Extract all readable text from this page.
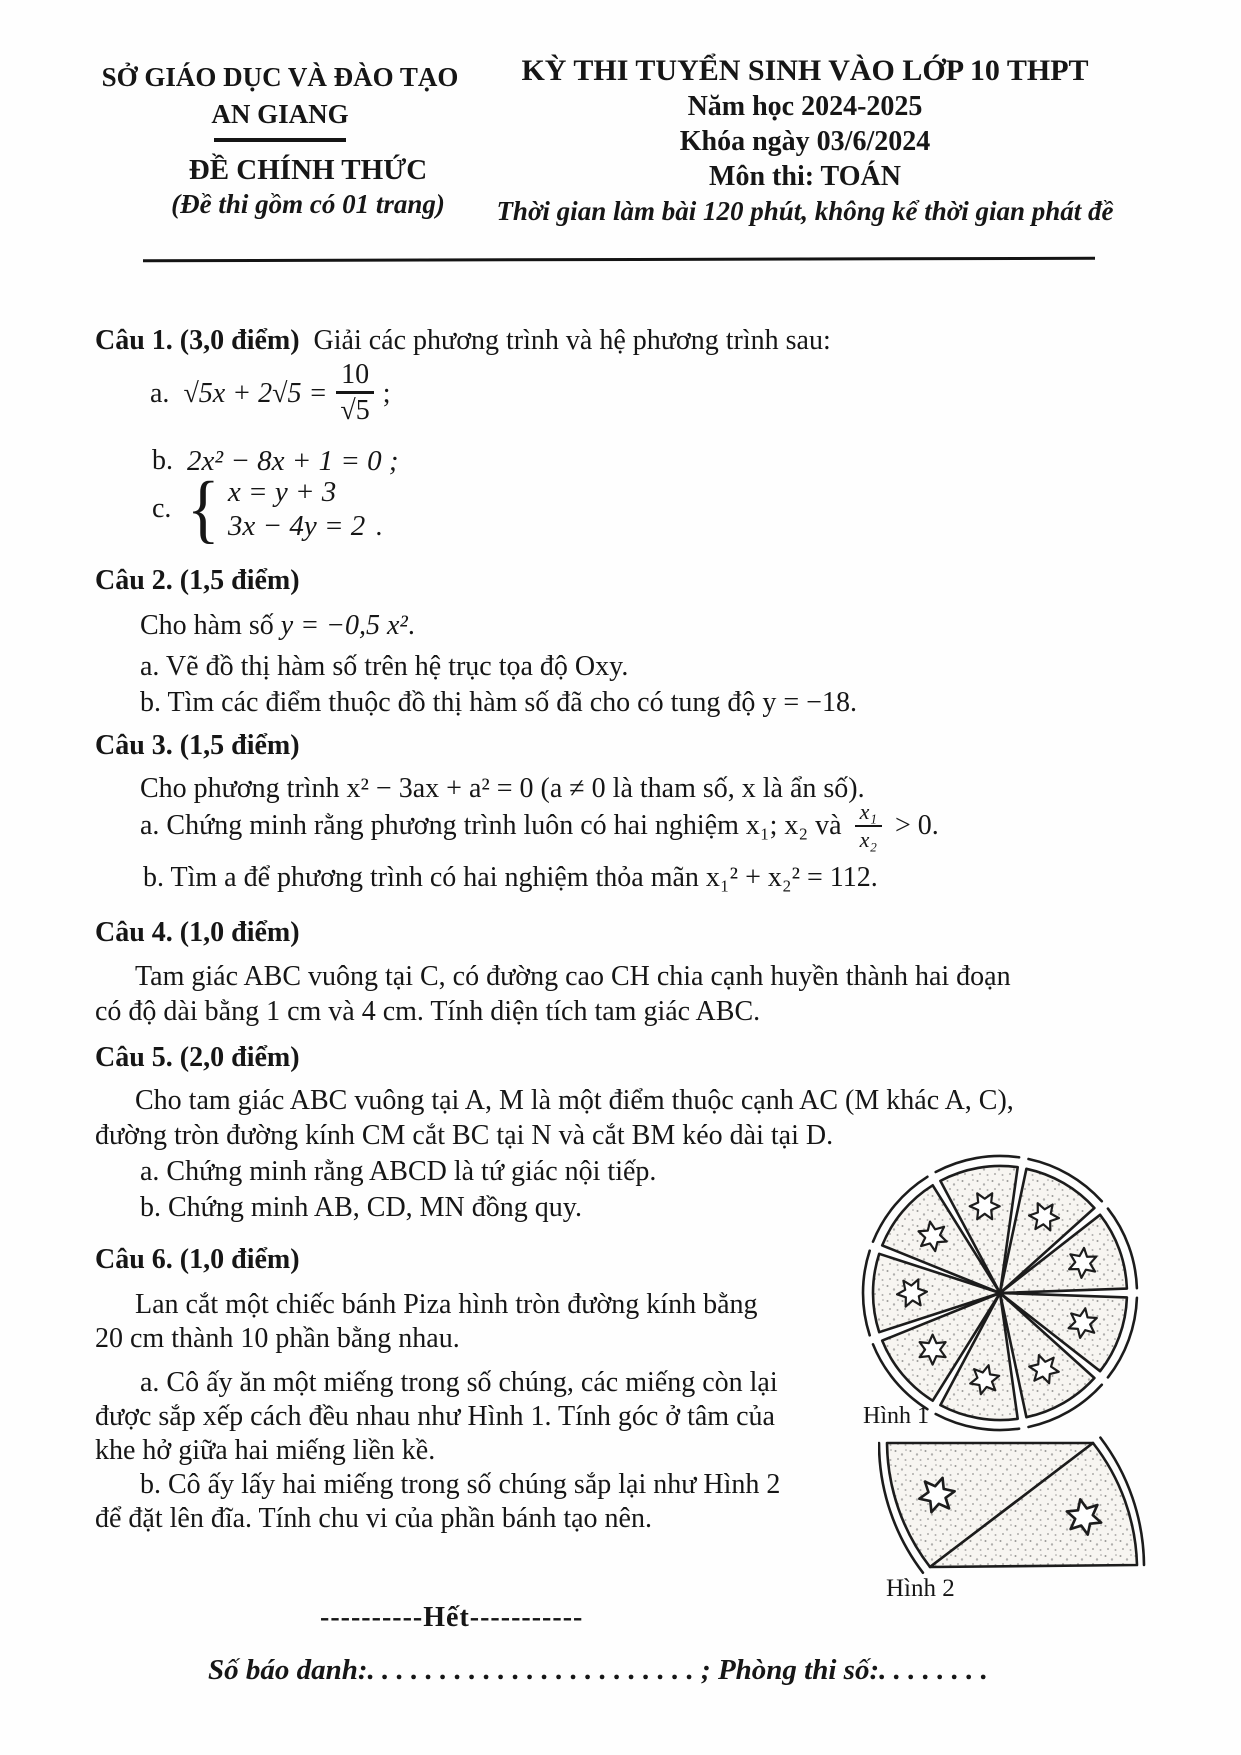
SỞ GIÁO DỤC VÀ ĐÀO TẠO
AN GIANG
ĐỀ CHÍNH THỨC
(Đề thi gồm có 01 trang)
KỲ THI TUYỂN SINH VÀO LỚP 10 THPT
Năm học 2024-2025
Khóa ngày 03/6/2024
Môn thi: TOÁN
Thời gian làm bài 120 phút, không kể thời gian phát đề
Câu 1. (3,0 điểm) Giải các phương trình và hệ phương trình sau:
a. $√5x + 2√5 = \frac{10}{√5}$ ;
b. 2x² − 8x + 1 = 0 ;
c. { x = y + 3
3x − 4y = 2 .
Câu 2. (1,5 điểm)
Cho hàm số y = −0,5 x².
a. Vẽ đồ thị hàm số trên hệ trục tọa độ Oxy.
b. Tìm các điểm thuộc đồ thị hàm số đã cho có tung độ y = −18.
Câu 3. (1,5 điểm)
Cho phương trình x² − 3ax + a² = 0 (a ≠ 0 là tham số, x là ẩn số).
a. Chứng minh rằng phương trình luôn có hai nghiệm x₁; x₂ và $\frac{\text{x₁}}{\text{x₂}} > 0$.
b. Tìm a để phương trình có hai nghiệm thỏa mãn x₁² + x₂² = 112.
Câu 4. (1,0 điểm)
Tam giác ABC vuông tại C, có đường cao CH chia cạnh huyền thành hai đoạn
có độ dài bằng 1 cm và 4 cm. Tính diện tích tam giác ABC.
Câu 5. (2,0 điểm)
Cho tam giác ABC vuông tại A, M là một điểm thuộc cạnh AC (M khác A, C),
đường tròn đường kính CM cắt BC tại N và cắt BM kéo dài tại D.
a. Chứng minh rằng ABCD là tứ giác nội tiếp.
b. Chứng minh AB, CD, MN đồng quy.
Câu 6. (1,0 điểm)
Lan cắt một chiếc bánh Piza hình tròn đường kính bằng
20 cm thành 10 phần bằng nhau.
a. Cô ấy ăn một miếng trong số chúng, các miếng còn lại
được sắp xếp cách đều nhau như Hình 1. Tính góc ở tâm của
khe hở giữa hai miếng liền kề.
b. Cô ấy lấy hai miếng trong số chúng sắp lại như Hình 2
để đặt lên đĩa. Tính chu vi của phần bánh tạo nên.
Hình 1
Hình 2
----------Hết-----------
Số báo danh:. . . . . . . . . . . . . . . . . . . . . . . ; Phòng thi số:. . . . . . . .
